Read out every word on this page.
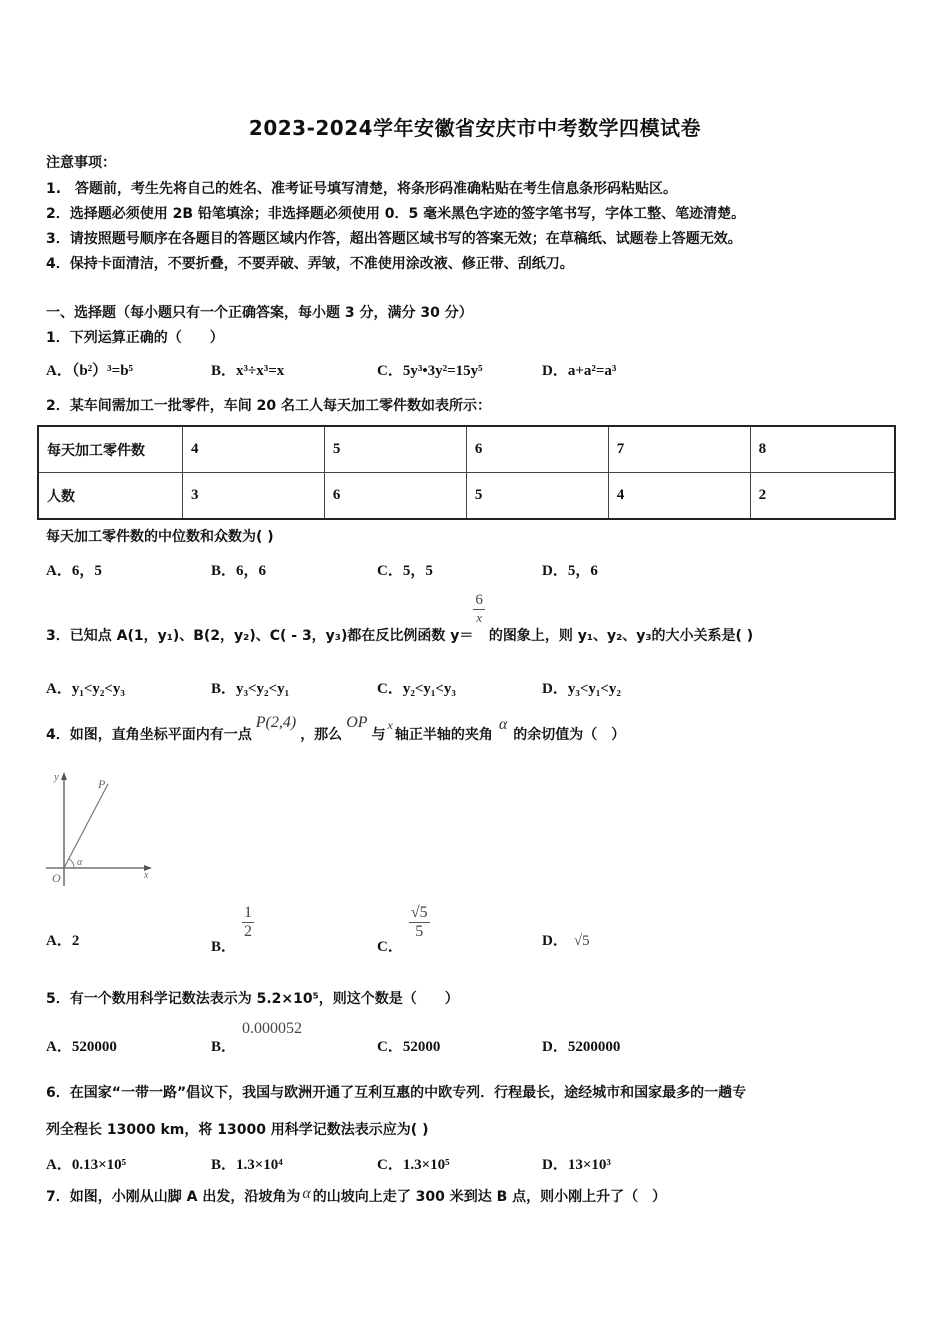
2023-2024学年安徽省安庆市中考数学四模试卷
注意事项：
1.　答题前，考生先将自己的姓名、准考证号填写清楚，将条形码准确粘贴在考生信息条形码粘贴区。
2．选择题必须使用 2B 铅笔填涂；非选择题必须使用 0．5 毫米黑色字迹的签字笔书写，字体工整、笔迹清楚。
3．请按照题号顺序在各题目的答题区域内作答，超出答题区域书写的答案无效；在草稿纸、试题卷上答题无效。
4．保持卡面清洁，不要折叠，不要弄破、弄皱，不准使用涂改液、修正带、刮纸刀。
一、选择题（每小题只有一个正确答案，每小题 3 分，满分 30 分）
1．下列运算正确的（　　）
A．（b²）³=b⁵	B．x³÷x³=x	C．5y³•3y²=15y⁵	D．a+a²=a³
2．某车间需加工一批零件，车间 20 名工人每天加工零件数如表所示：
每天加工零件数	4	5	6	7	8
人数	3	6	5	4	2
每天加工零件数的中位数和众数为( )
A．6，5	B．6，6	C．5，5	D．5，6
3．已知点 A(1，y₁)、B(2，y₂)、C( - 3，y₃)都在反比例函数 y＝
$\frac{6}{x}$
的图象上，则 y₁、y₂、y₃的大小关系是( )
A．y₁<y₂<y₃	B．y₃<y₂<y₁	C．y₂<y₁<y₃	D．y₃<y₁<y₂
4．如图，直角坐标平面内有一点P(2,4)，那么OP与x轴正半轴的夹角α的余切值为（　）
y	P
α
O	x
A．2	B．
$\frac{1}{2}$
C．
$\frac{√5}{5}$	D． √5
5．有一个数用科学记数法表示为 5.2×10⁵，则这个数是（　　）
A．520000	B．
0.000052
C．52000	D．5200000
6．在国家“一带一路”倡议下，我国与欧洲开通了互利互惠的中欧专列．行程最长，途经城市和国家最多的一趟专
列全程长 13000 km，将 13000 用科学记数法表示应为( )
A．0.13×10⁵	B．1.3×10⁴	C．1.3×10⁵	D．13×10³
7．如图，小刚从山脚 A 出发，沿坡角为 α 的山坡向上走了 300 米到达 B 点，则小刚上升了（　）
